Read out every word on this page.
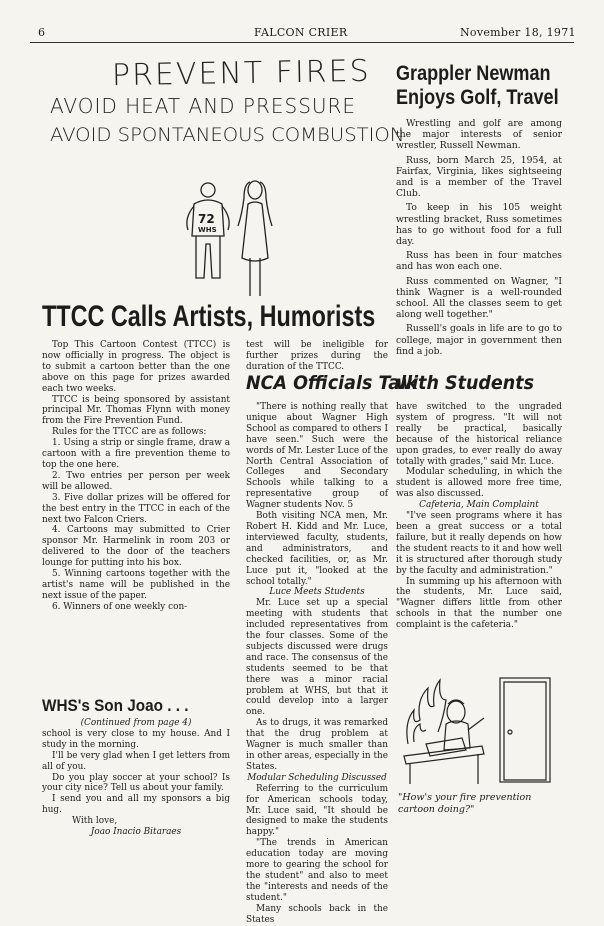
6	FALCON CRIER	November 18, 1971
PREVENT FIRES
AVOID HEAT AND PRESSURE
AVOID SPONTANEOUS COMBUSTION
72
WHS
Grappler Newman
Enjoys Golf, Travel

Wrestling and golf are among the major interests of senior wrestler, Russell Newman.

Russ, born March 25, 1954, at Fairfax, Virginia, likes sightseeing and is a member of the Travel Club.

To keep in his 105 weight wrestling bracket, Russ sometimes has to go without food for a full day.

Russ has been in four matches and has won each one.

Russ commented on Wagner, "I think Wagner is a well-rounded school. All the classes seem to get along well together."

Russell's goals in life are to go to college, major in government then find a job.

TTCC Calls Artists, Humorists

Top This Cartoon Contest (TTCC) is now officially in progress. The object is to submit a cartoon better than the one above on this page for prizes awarded each two weeks.

TTCC is being sponsored by assistant principal Mr. Thomas Flynn with money from the Fire Prevention Fund.

Rules for the TTCC are as follows:

1. Using a strip or single frame, draw a cartoon with a fire prevention theme to top the one here.

2. Two entries per person per week will be allowed.

3. Five dollar prizes will be offered for the best entry in the TTCC in each of the next two Falcon Criers.

4. Cartoons may submitted to Crier sponsor Mr. Harmelink in room 203 or delivered to the door of the teachers lounge for putting into his box.

5. Winning cartoons together with the artist's name will be published in the next issue of the paper.

6. Winners of one weekly con-

WHS's Son Joao . . .

(Continued from page 4)

school is very close to my house. And I study in the morning.

I'll be very glad when I get letters from all of you.

Do you play soccer at your school? Is your city nice? Tell us about your family.

I send you and all my sponsors a big hug.

With love,

Joao Inacio Bitaraes

test will be ineligible for further prizes during the duration of the TTCC.

NCA Officials Talk
with Students

"There is nothing really that unique about Wagner High School as compared to others I have seen." Such were the words of Mr. Lester Luce of the North Central Association of Colleges and Secondary Schools while talking to a representative group of Wagner students Nov. 5

Both visiting NCA men, Mr. Robert H. Kidd and Mr. Luce, interviewed faculty, students, and administrators, and checked facilities, or, as Mr. Luce put it, "looked at the school totally."

Luce Meets Students

Mr. Luce set up a special meeting with students that included representatives from the four classes. Some of the subjects discussed were drugs and race. The consensus of the students seemed to be that there was a minor racial problem at WHS, but that it could develop into a larger one.

As to drugs, it was remarked that the drug problem at Wagner is much smaller than in other areas, especially in the States.

Modular Scheduling Discussed

Referring to the curriculum for American schools today, Mr. Luce said, "It should be designed to make the students happy."

"The trends in American education today are moving more to gearing the school for the student" and also to meet the "interests and needs of the student."

Many schools back in the States

have switched to the ungraded system of progress. "It will not really be practical, basically because of the historical reliance upon grades, to ever really do away totally with grades," said Mr. Luce.

Modular scheduling, in which the student is allowed more free time, was also discussed.

Cafeteria, Main Complaint

"I've seen programs where it has been a great success or a total failure, but it really depends on how the student reacts to it and how well it is structured after thorough study by the faculty and administration."

In summing up his afternoon with the students, Mr. Luce said, "Wagner differs little from other schools in that the number one complaint is the cafeteria."

"How's your fire prevention cartoon doing?"
